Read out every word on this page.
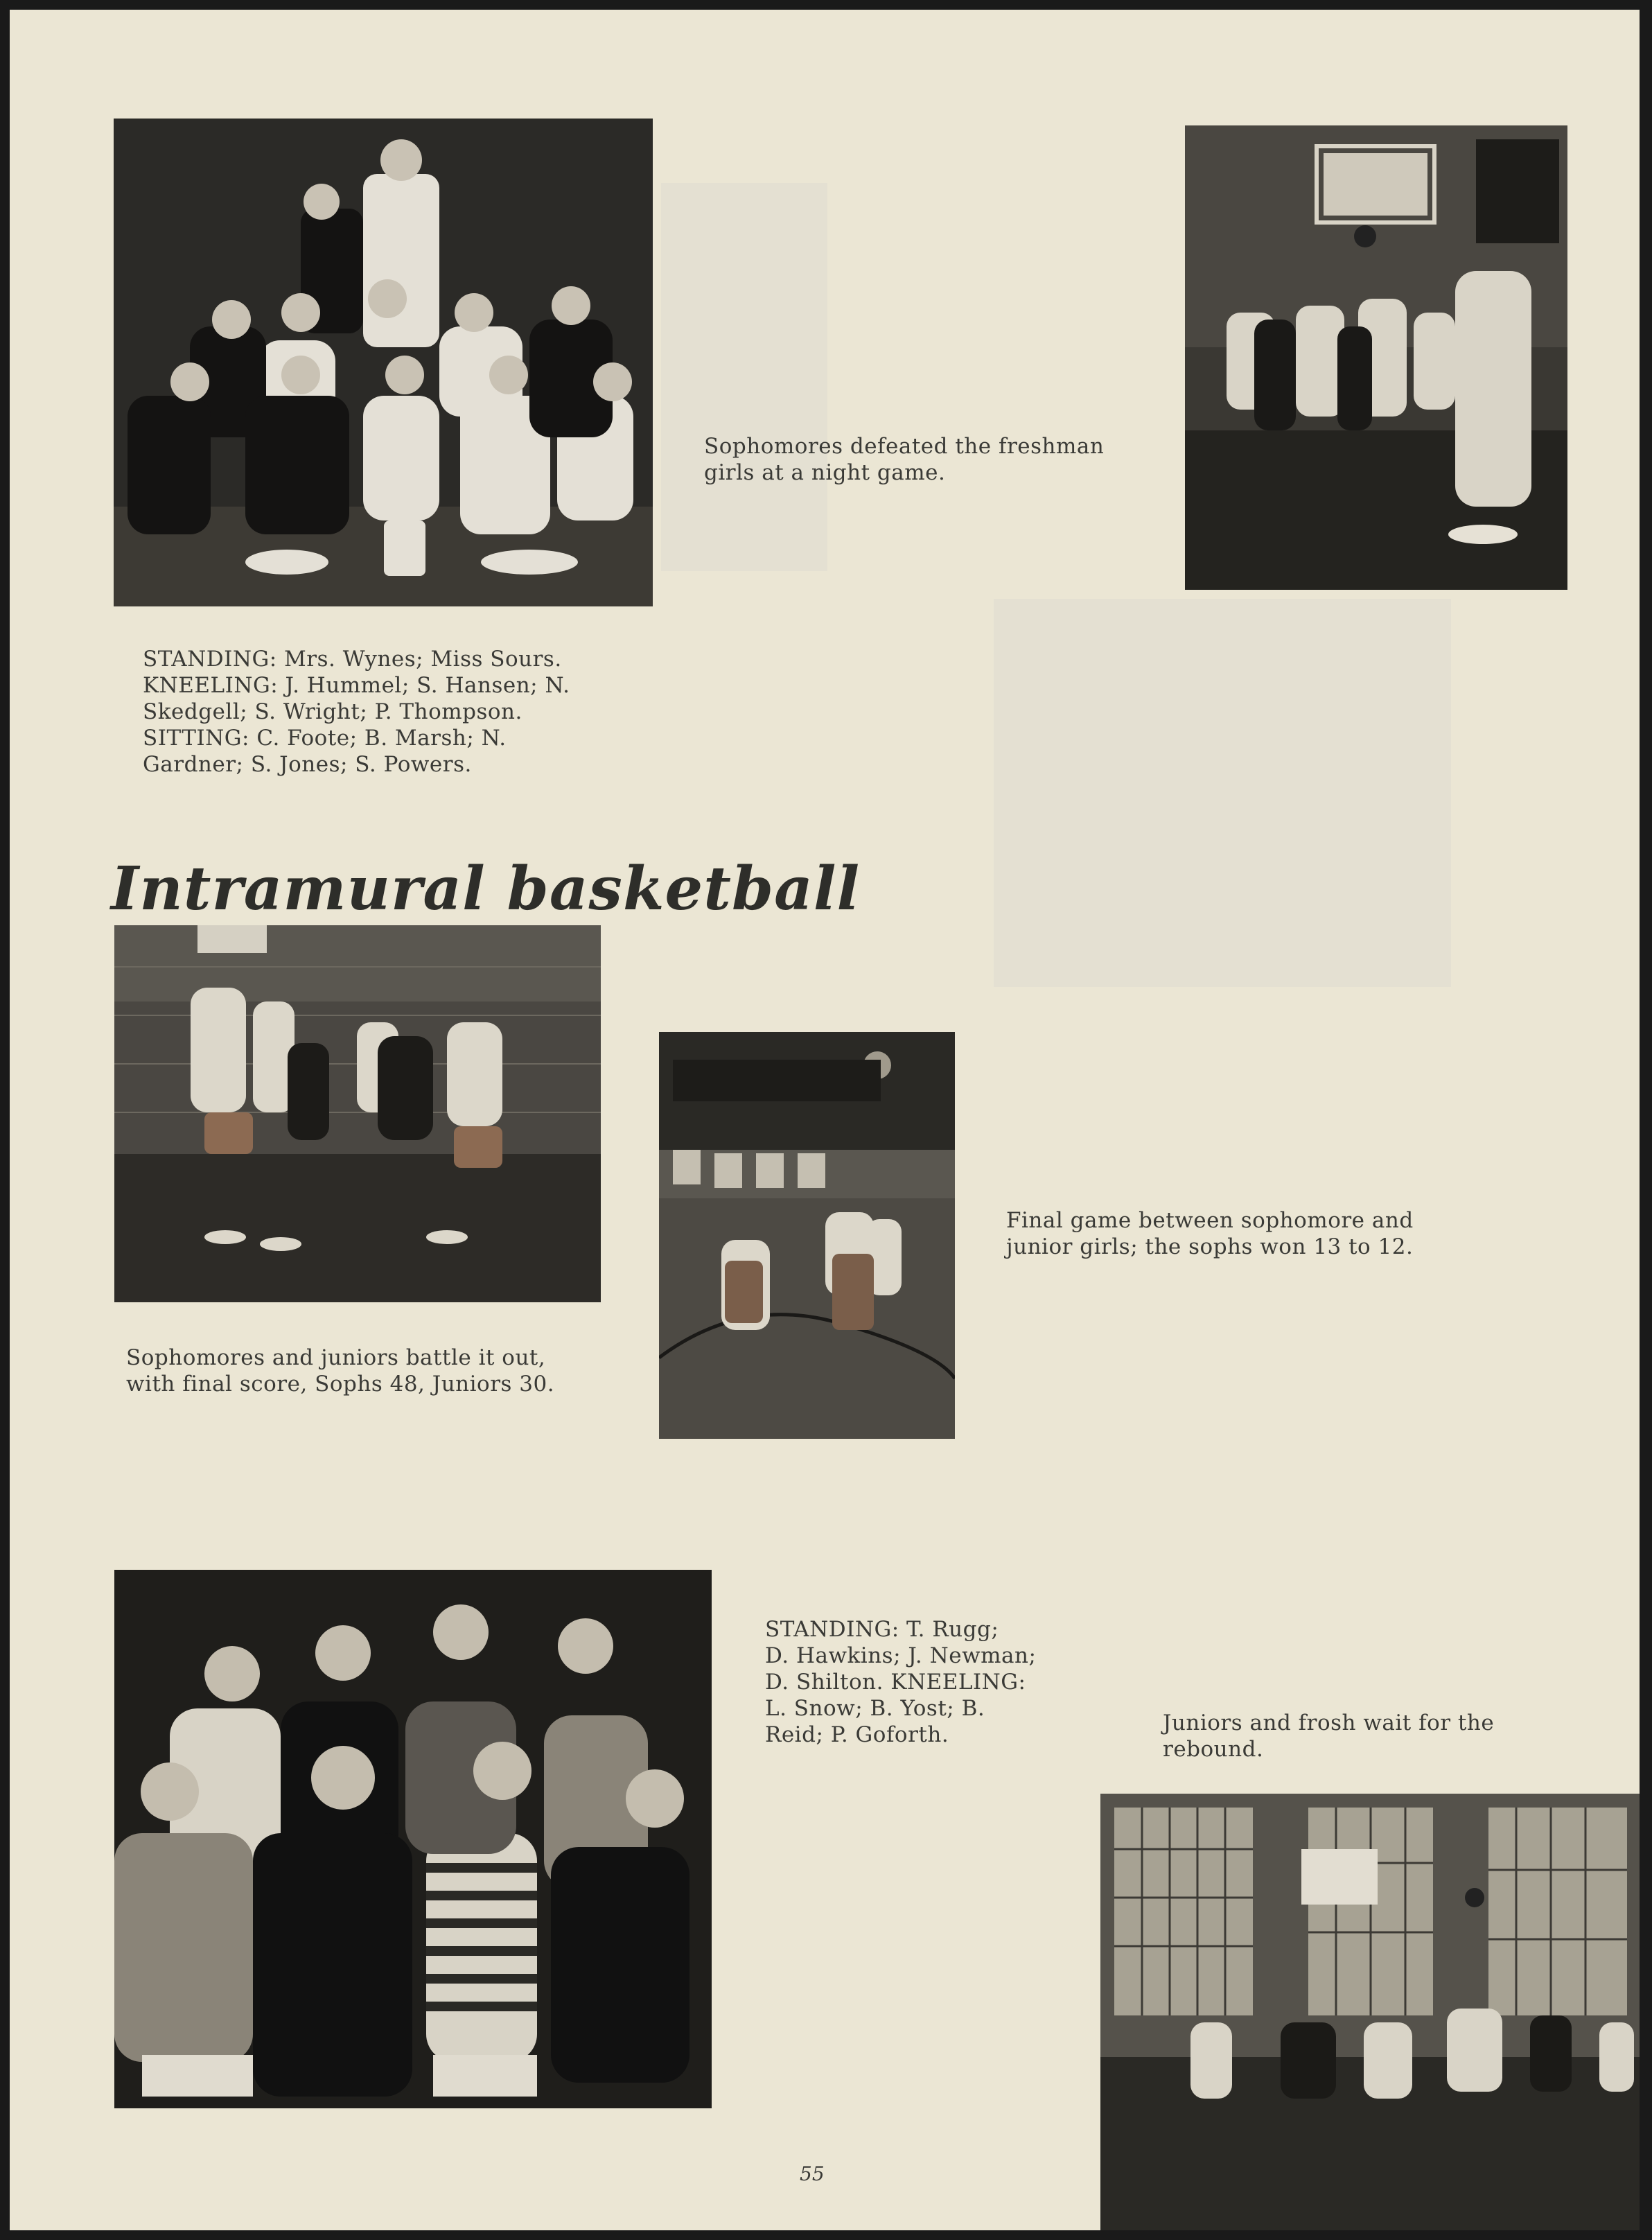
STANDING: Mrs. Wynes; Miss Sours.

KNEELING: J. Hummel; S. Hansen; N.

Skedgell; S. Wright; P. Thompson.

SITTING: C. Foote; B. Marsh; N.

Gardner; S. Jones; S. Powers.

Sophomores defeated the freshman

girls at a night game.

Intramural basketball

Sophomores and juniors battle it out,

with final score, Sophs 48, Juniors 30.

Final game between sophomore and

junior girls; the sophs won 13 to 12.

STANDING: T. Rugg;

D. Hawkins; J. Newman;

D. Shilton. KNEELING:

L. Snow; B. Yost; B.

Reid; P. Goforth.	Juniors and frosh wait for the

rebound.

55
